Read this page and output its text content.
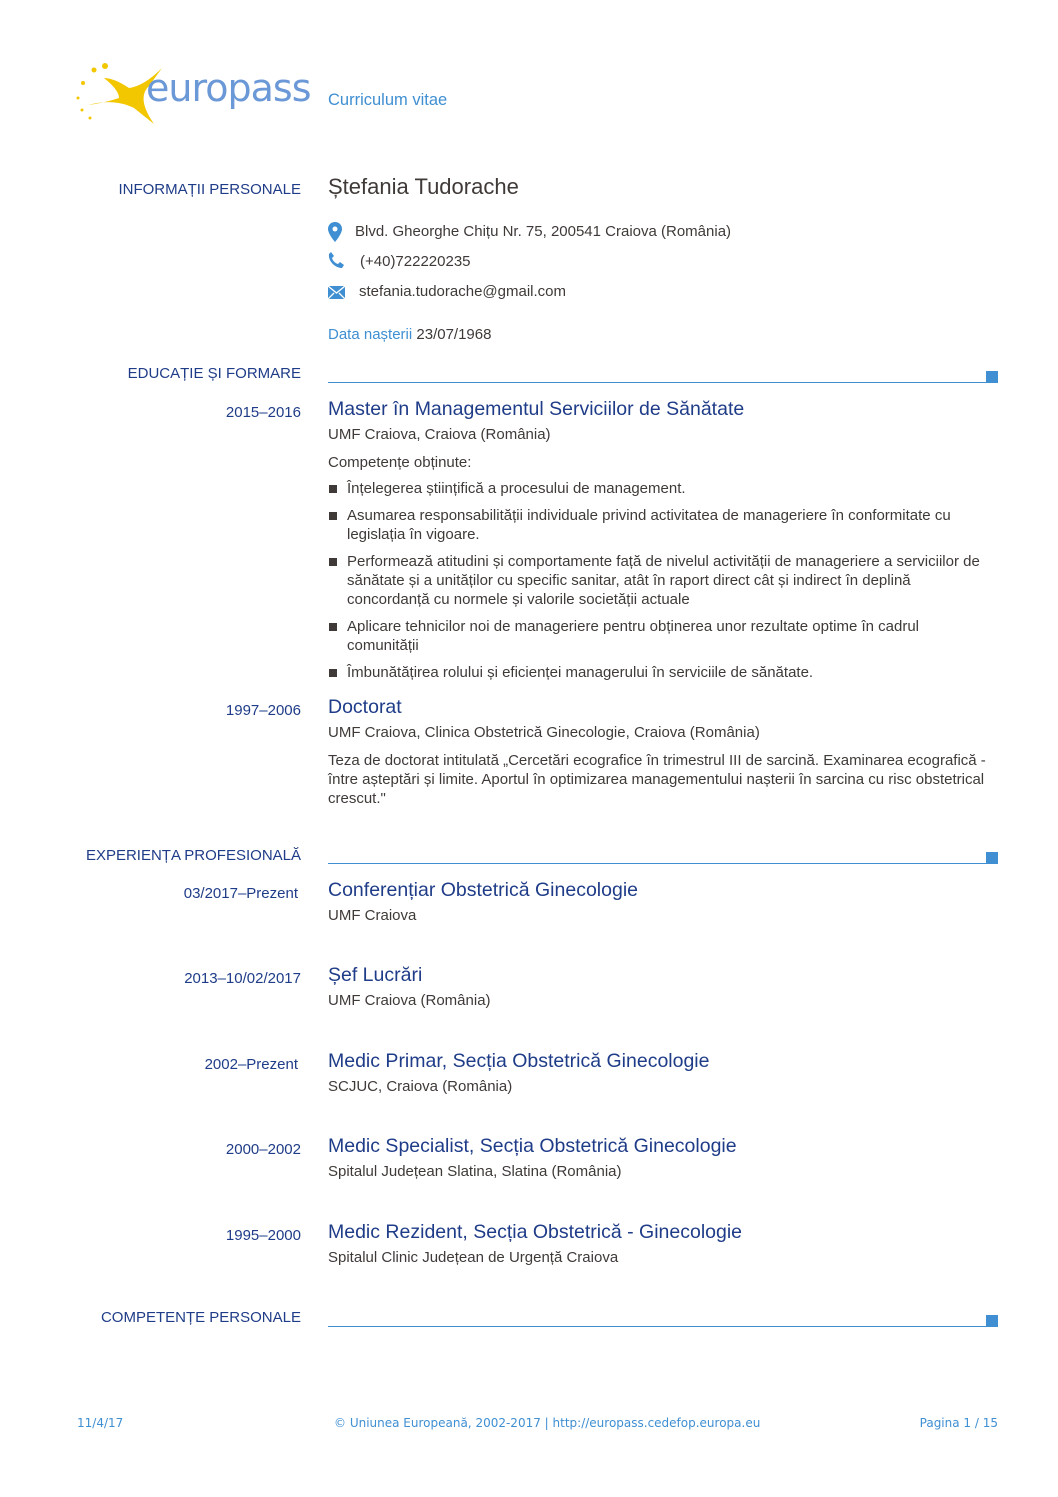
europass Curriculum vitae
INFORMAȚII PERSONALE Ștefania Tudorache
Blvd. Gheorghe Chițu Nr. 75, 200541 Craiova (România)
(+40)722220235
stefania.tudorache@gmail.com
Data nașterii 23/07/1968
EDUCAȚIE ȘI FORMARE
2015–2016 Master în Managementul Serviciilor de Sănătate
UMF Craiova, Craiova (România)
Competențe obținute:
Înțelegerea științifică a procesului de management.
Asumarea responsabilității individuale privind activitatea de manageriere în conformitate cu legislația în vigoare.
Performează atitudini și comportamente față de nivelul activității de manageriere a serviciilor de sănătate și a unităților cu specific sanitar, atât în raport direct cât și indirect în deplină concordanță cu normele și valorile societății actuale
Aplicare tehnicilor noi de manageriere pentru obținerea unor rezultate optime în cadrul comunității
Îmbunătățirea rolului și eficienței managerului în serviciile de sănătate.
1997–2006 Doctorat
UMF Craiova, Clinica Obstetrică Ginecologie, Craiova (România)
Teza de doctorat intitulată „Cercetări ecografice în trimestrul III de sarcină. Examinarea ecografică - între așteptări și limite. Aportul în optimizarea managementului nașterii în sarcina cu risc obstetrical crescut."
EXPERIENȚA PROFESIONALĂ
03/2017–Prezent Conferențiar Obstetrică Ginecologie
UMF Craiova
2013–10/02/2017 Șef Lucrări
UMF Craiova (România)
2002–Prezent Medic Primar, Secția Obstetrică Ginecologie
SCJUC, Craiova (România)
2000–2002 Medic Specialist, Secția Obstetrică Ginecologie
Spitalul Județean Slatina, Slatina (România)
1995–2000 Medic Rezident, Secția Obstetrică - Ginecologie
Spitalul Clinic Județean de Urgență Craiova
COMPETENȚE PERSONALE
11/4/17	© Uniunea Europeană, 2002-2017 | http://europass.cedefop.europa.eu	Pagina 1 / 15
